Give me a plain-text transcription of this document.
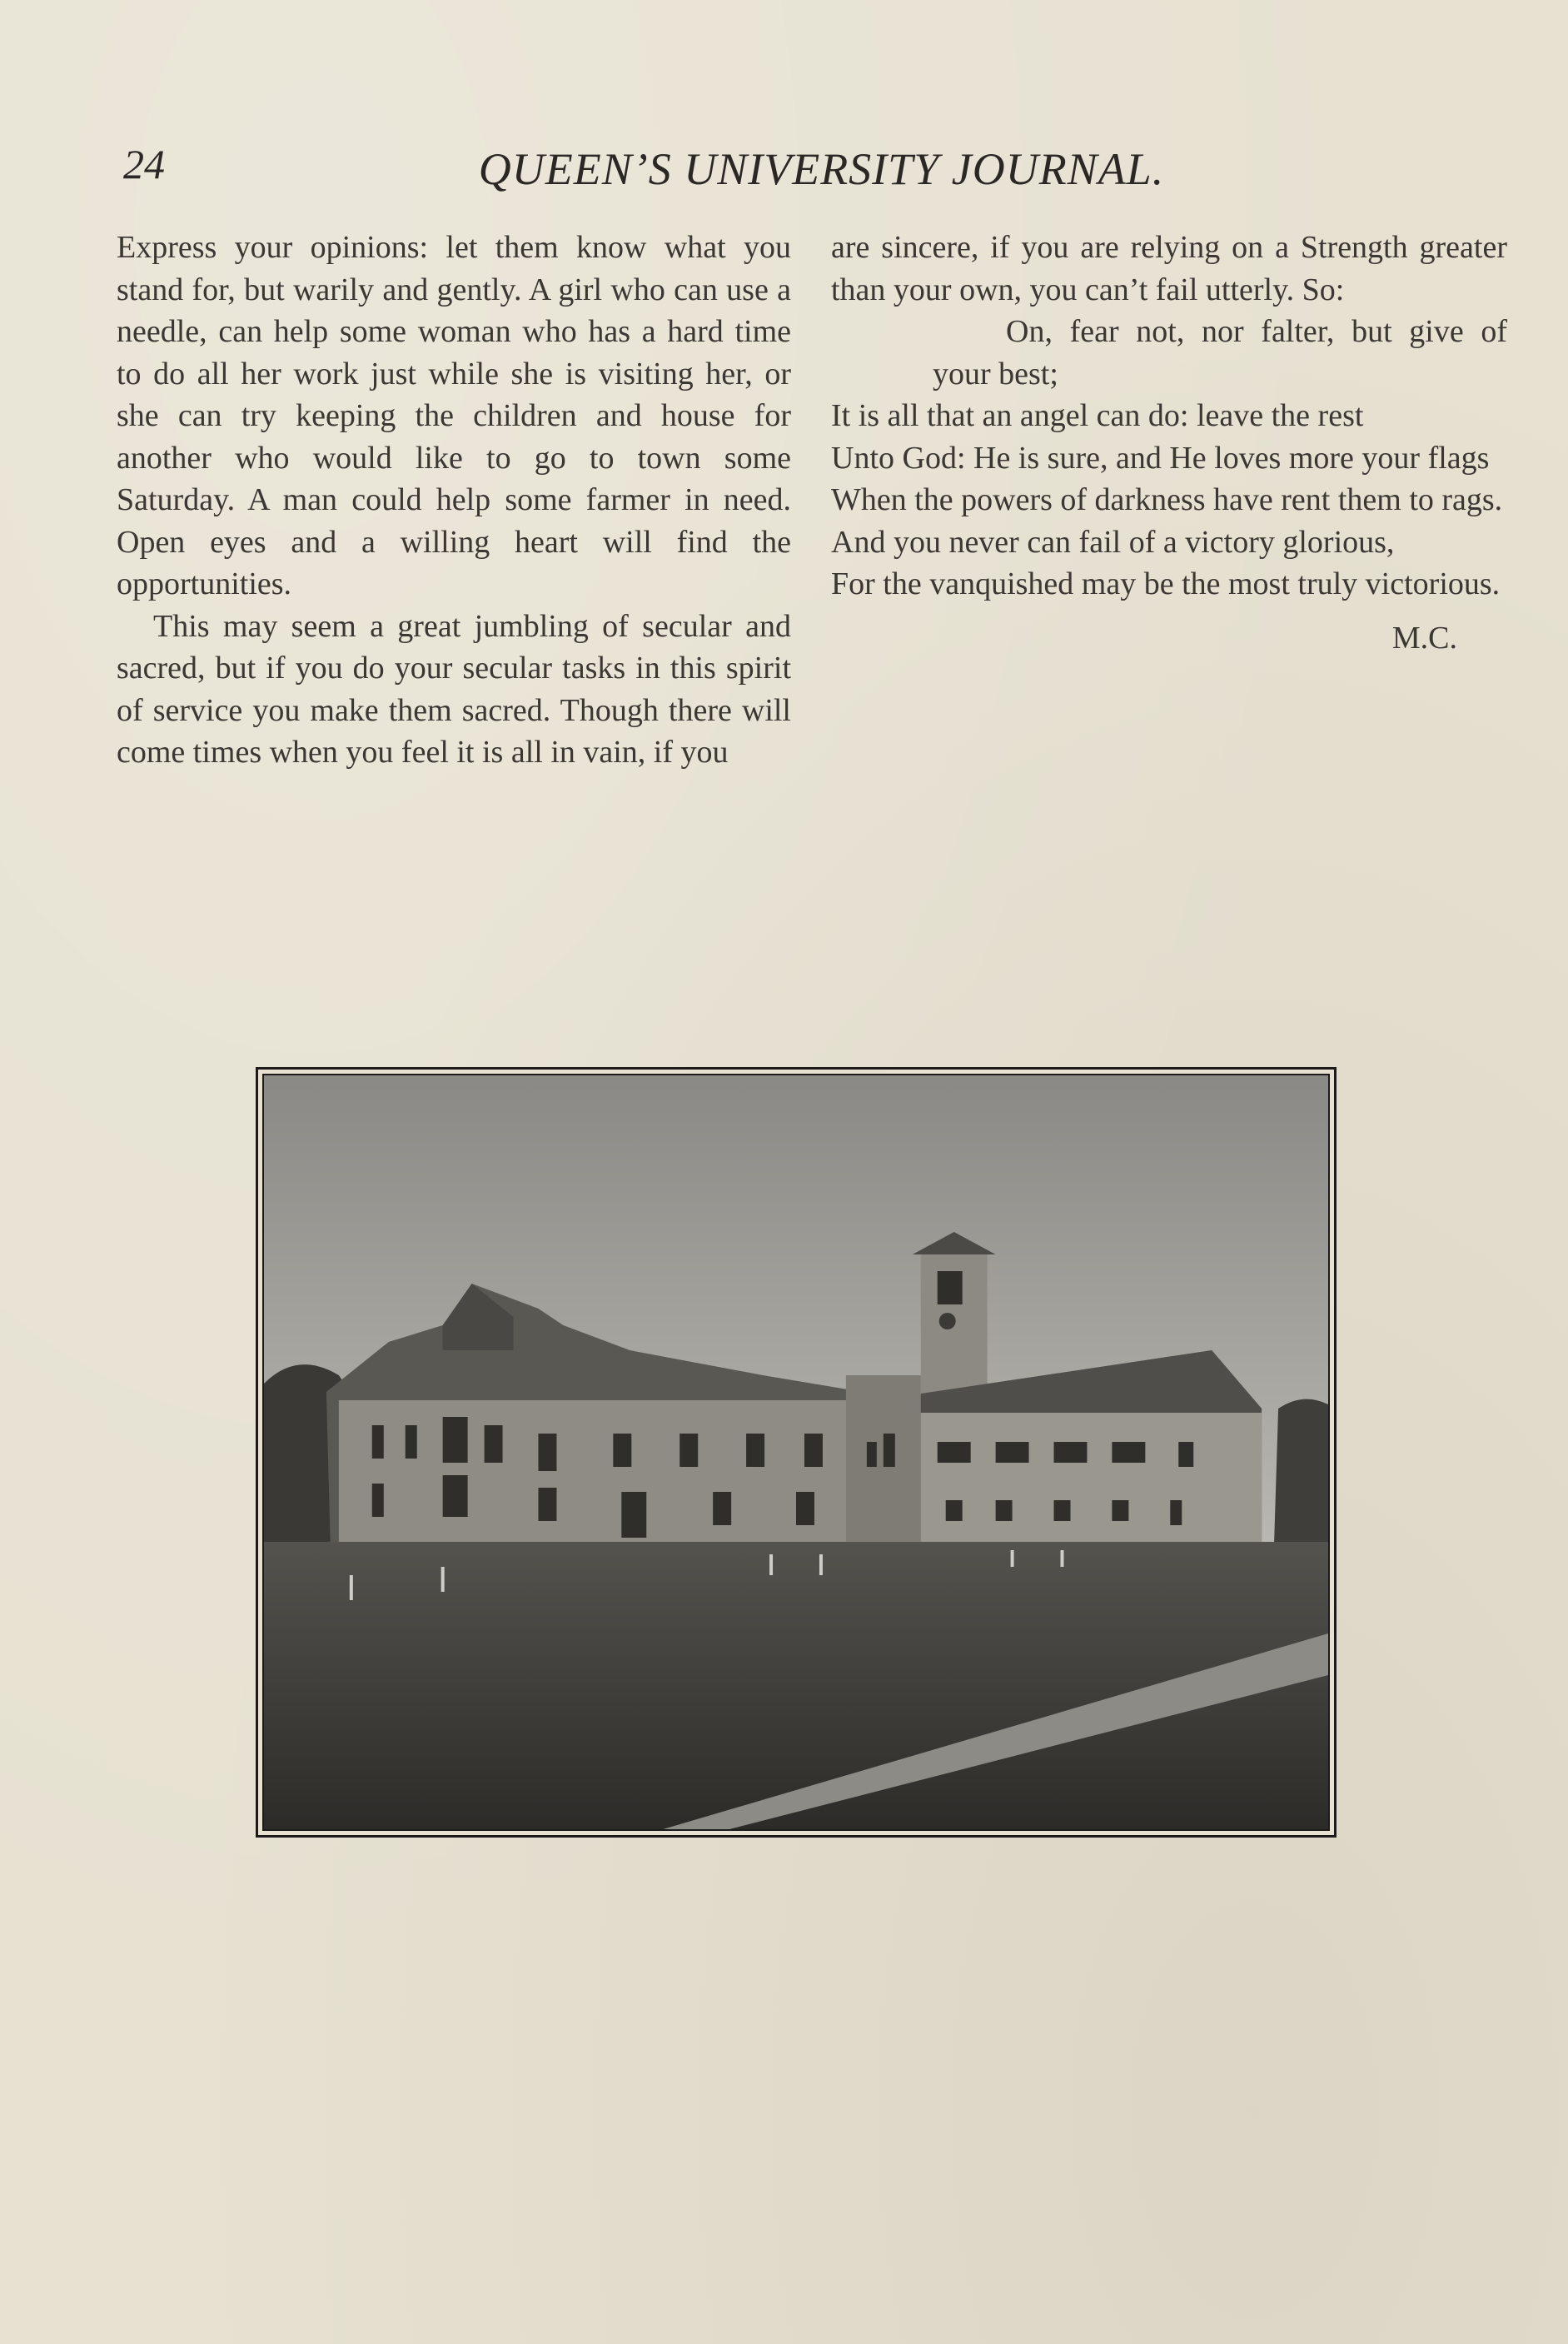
24	QUEEN’S UNIVERSITY JOURNAL.

Express your opinions: let them know what you stand for, but warily and gently. A girl who can use a needle, can help some woman who has a hard time to do all her work just while she is visiting her, or she can try keeping the children and house for another who would like to go to town some Saturday. A man could help some farmer in need. Open eyes and a willing heart will find the opportunities.

This may seem a great jumbling of secular and sacred, but if you do your secular tasks in this spirit of service you make them sacred. Though there will come times when you feel it is all in vain, if you

are sincere, if you are relying on a Strength greater than your own, you can’t fail utterly. So:

On, fear not, nor falter, but give of your best;

It is all that an angel can do: leave the rest

Unto God: He is sure, and He loves more your flags

When the powers of darkness have rent them to rags.

And you never can fail of a victory glorious,

For the vanquished may be the most truly victorious.

M.C.
